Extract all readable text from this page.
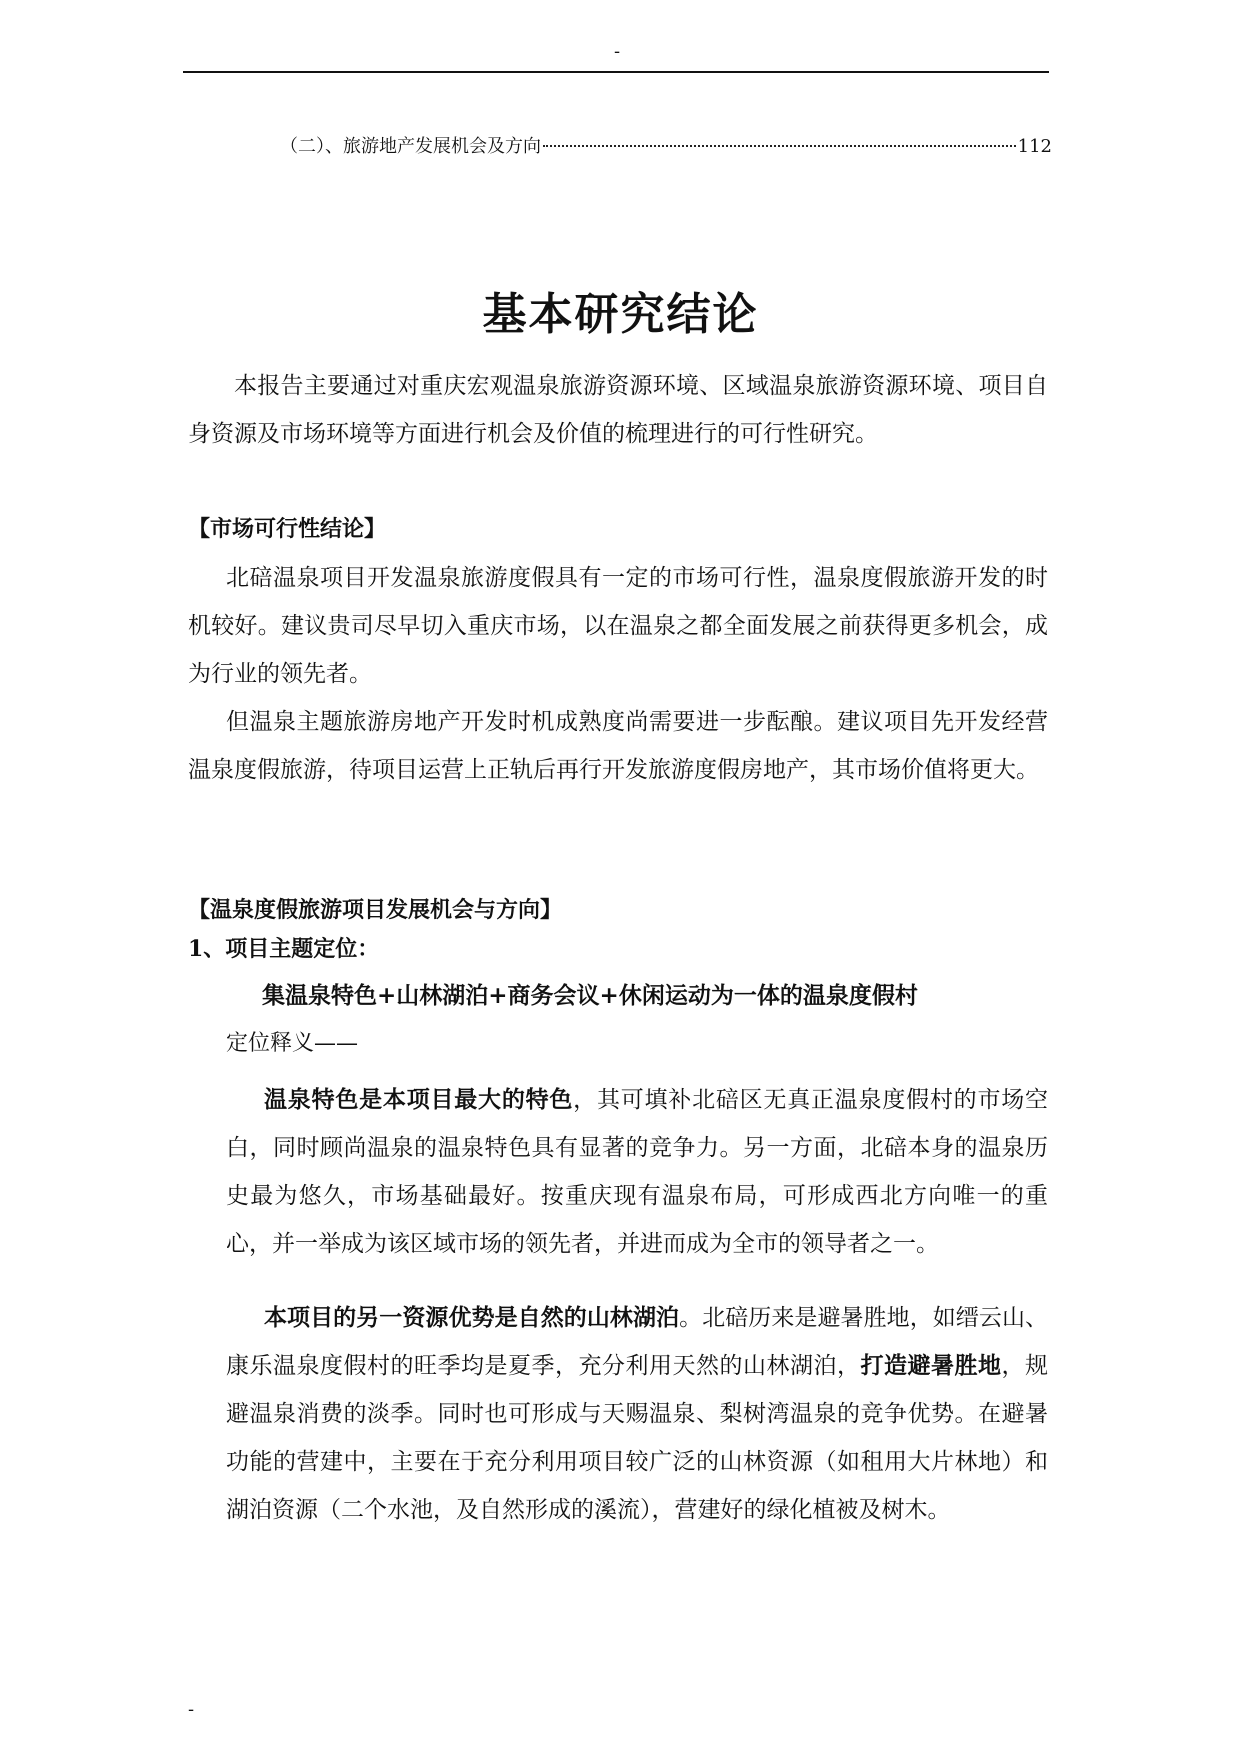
-
（二）、旅游地产发展机会及方向	112
基本研究结论

本报告主要通过对重庆宏观温泉旅游资源环境、区域温泉旅游资源环境、项目自身资源及市场环境等方面进行机会及价值的梳理进行的可行性研究。

【市场可行性结论】

北碚温泉项目开发温泉旅游度假具有一定的市场可行性，温泉度假旅游开发的时机较好。建议贵司尽早切入重庆市场，以在温泉之都全面发展之前获得更多机会，成为行业的领先者。

但温泉主题旅游房地产开发时机成熟度尚需要进一步酝酿。建议项目先开发经营温泉度假旅游，待项目运营上正轨后再行开发旅游度假房地产，其市场价值将更大。

【温泉度假旅游项目发展机会与方向】

1、项目主题定位：

集温泉特色+山林湖泊+商务会议+休闲运动为一体的温泉度假村

定位释义——

温泉特色是本项目最大的特色，其可填补北碚区无真正温泉度假村的市场空白，同时顾尚温泉的温泉特色具有显著的竞争力。另一方面，北碚本身的温泉历史最为悠久，市场基础最好。按重庆现有温泉布局，可形成西北方向唯一的重心，并一举成为该区域市场的领先者，并进而成为全市的领导者之一。

本项目的另一资源优势是自然的山林湖泊。北碚历来是避暑胜地，如缙云山、康乐温泉度假村的旺季均是夏季，充分利用天然的山林湖泊，打造避暑胜地，规避温泉消费的淡季。同时也可形成与天赐温泉、梨树湾温泉的竞争优势。在避暑功能的营建中，主要在于充分利用项目较广泛的山林资源（如租用大片林地）和湖泊资源（二个水池，及自然形成的溪流），营建好的绿化植被及树木。

-
